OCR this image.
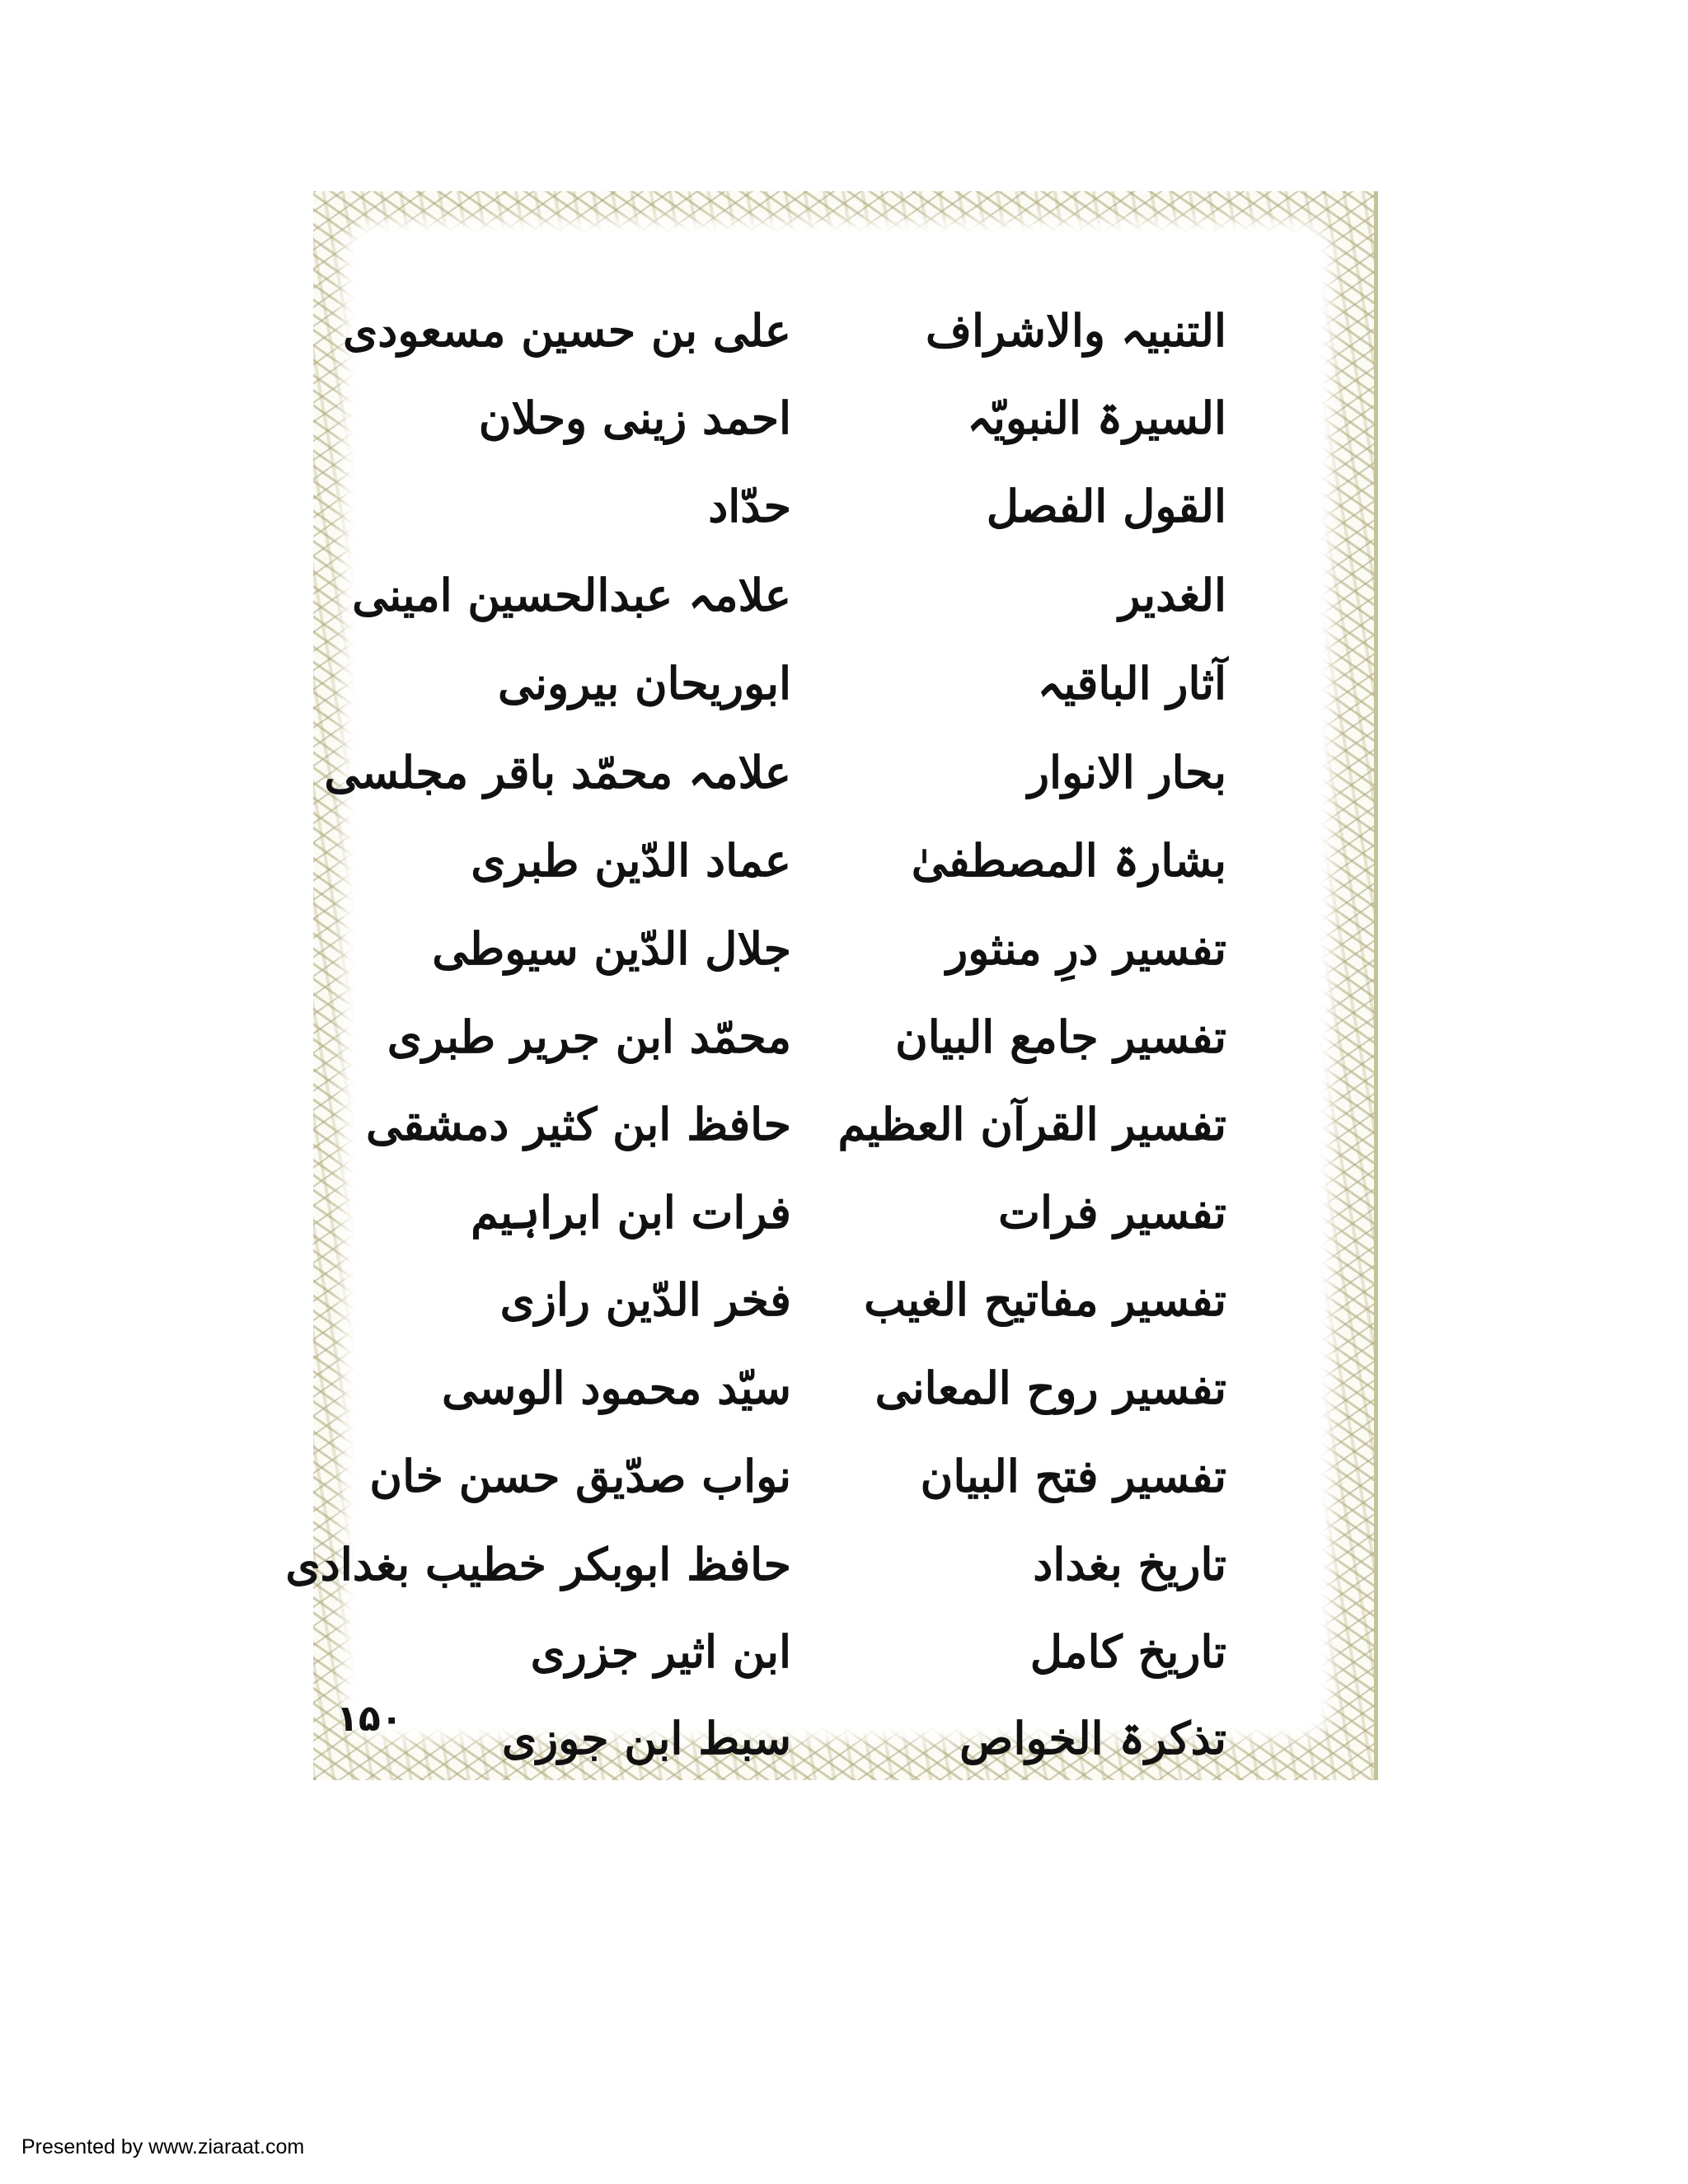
التنبیہ والاشراف
علی بن حسین مسعودی
السیرۃ النبویّہ
احمد زینی وحلان
القول الفصل
حدّاد
الغدیر
علامہ عبدالحسین امینی
آثار الباقیہ
ابوریحان بیرونی
بحار الانوار
علامہ محمّد باقر مجلسی
بشارۃ المصطفیٰ
عماد الدّین طبری
تفسیر درِ منثور
جلال الدّین سیوطی
تفسیر جامع البیان
محمّد ابن جریر طبری
تفسیر القرآن العظیم
حافظ ابن کثیر دمشقی
تفسیر فرات
فرات ابن ابراہیم
تفسیر مفاتیح الغیب
فخر الدّین رازی
تفسیر روح المعانی
سیّد محمود الوسی
تفسیر فتح البیان
نواب صدّیق حسن خان
تاریخ بغداد
حافظ ابوبکر خطیب بغدادی
تاریخ کامل
ابن اثیر جزری
تذکرۃ الخواص
سبط ابن جوزی
۱۵۰
Presented by www.ziaraat.com
